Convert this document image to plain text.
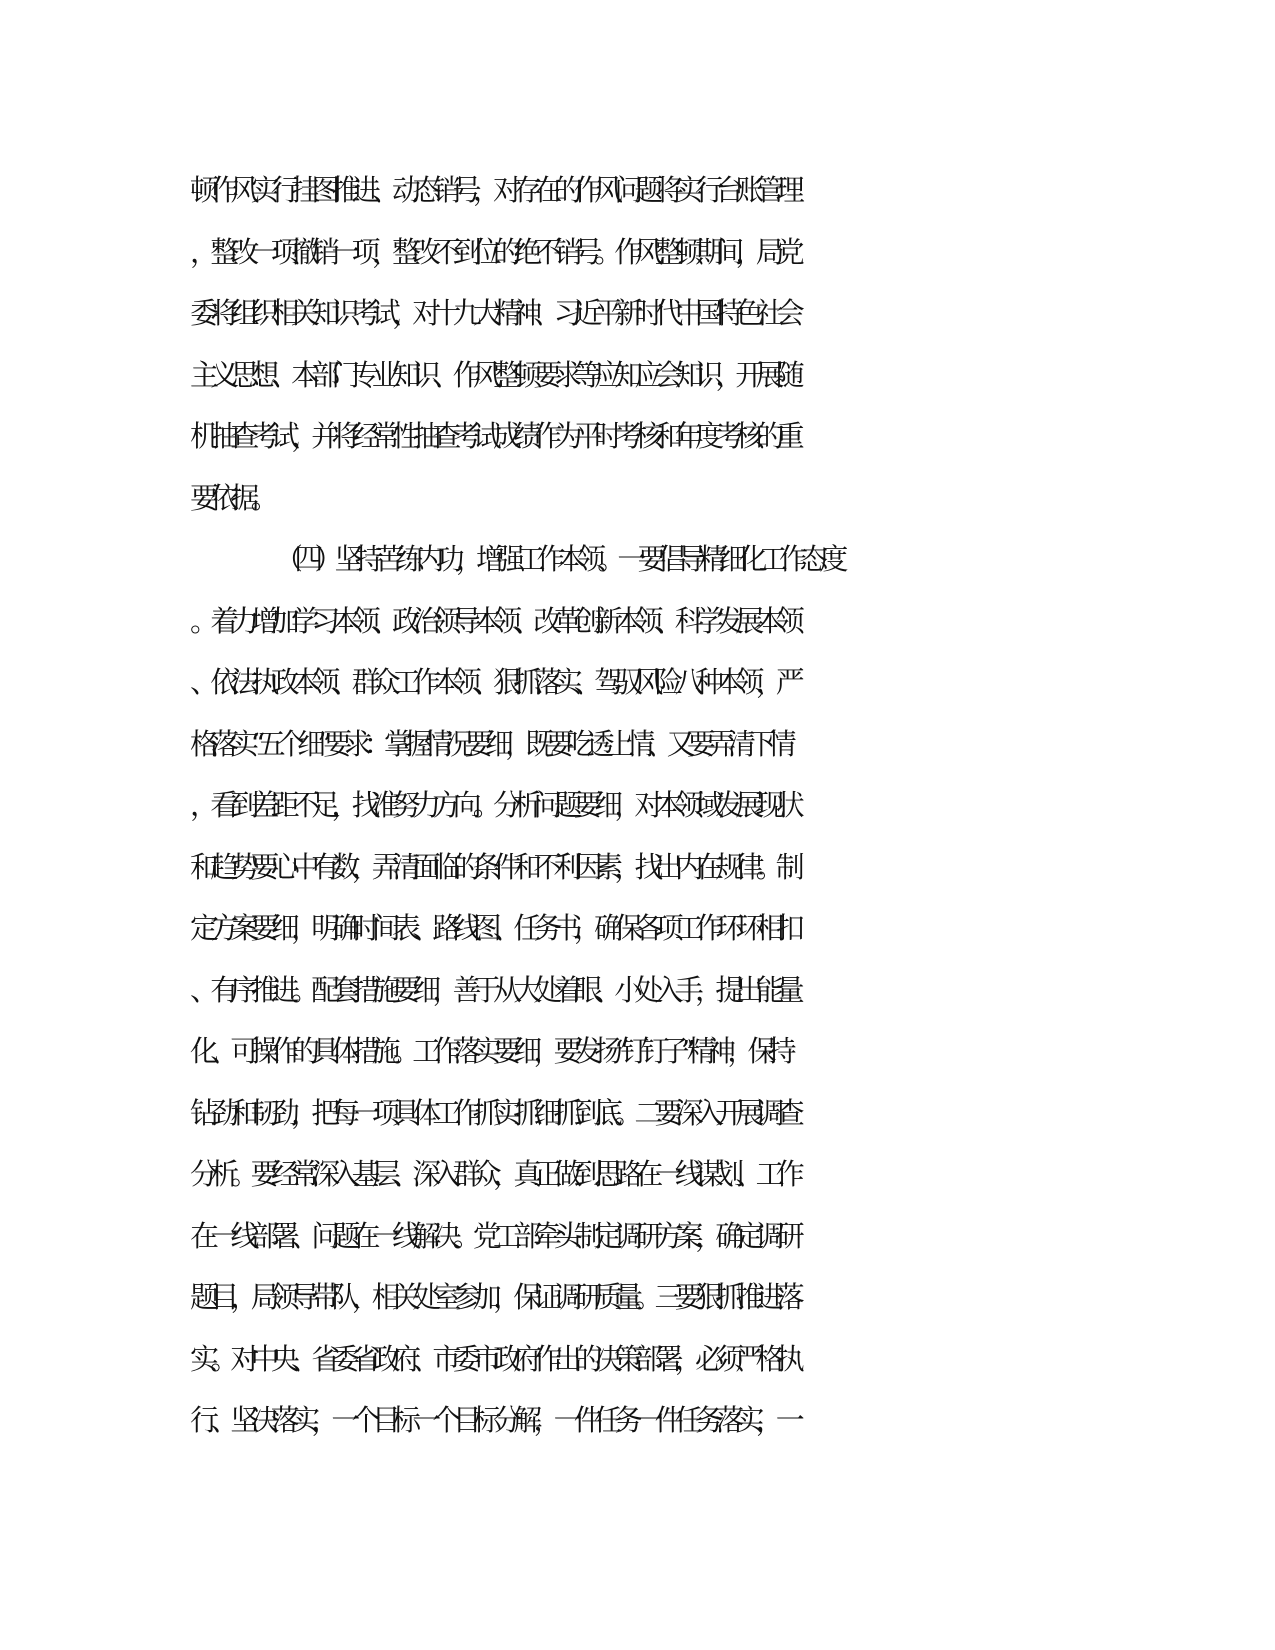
顿作风实行挂图推进、动态销号，对存在的作风问题将实行台账管理
，整改一项撤销一项，整改不到位的绝不销号。作风整顿期间，局党
委将组织相关知识考试，对十九大精神、习近平新时代中国特色社会
主义思想、本部门专业知识、作风整顿要求等应知应会知识，开展随
机抽查考试，并将经常性抽查考试成绩作为平时考核和年度考核的重
要依据。
（四）坚持苦练内功，增强工作本领。一要倡导精细化工作态度
。着力增加学习本领、政治领导本领、改革创新本领、科学发展本领
、依法执政本领、群众工作本领、狠抓落实、驾驭风险八种本领，严
格落实“五个细”要求：掌握情况要细，既要吃透上情、又要弄清下情
，看到差距不足，找准努力方向。分析问题要细，对本领域发展现状
和趋势要心中有数，弄清面临的条件和不利因素，找出内在规律。制
定方案要细，明确时间表、路线图、任务书，确保各项工作环环相扣
、有序推进。配套措施要细，善于从大处着眼、小处入手，提出能量
化、可操作的具体措施。工作落实要细，要发扬“钉钉子”精神，保持
钻劲和韧劲，把每一项具体工作抓实抓细抓到底。二要深入开展调查
分析。要经常深入基层、深入群众，真正做到思路在一线谋划、工作
在一线部署、问题在一线解决。党工部牵头制定调研方案，确定调研
题目，局领导带队，相关处室参加，保证调研质量。三要狠抓推进落
实。对中央、省委省政府、市委市政府作出的决策部署，必须严格执
行、坚决落实，一个目标一个目标分解，一件任务一件任务落实，一
